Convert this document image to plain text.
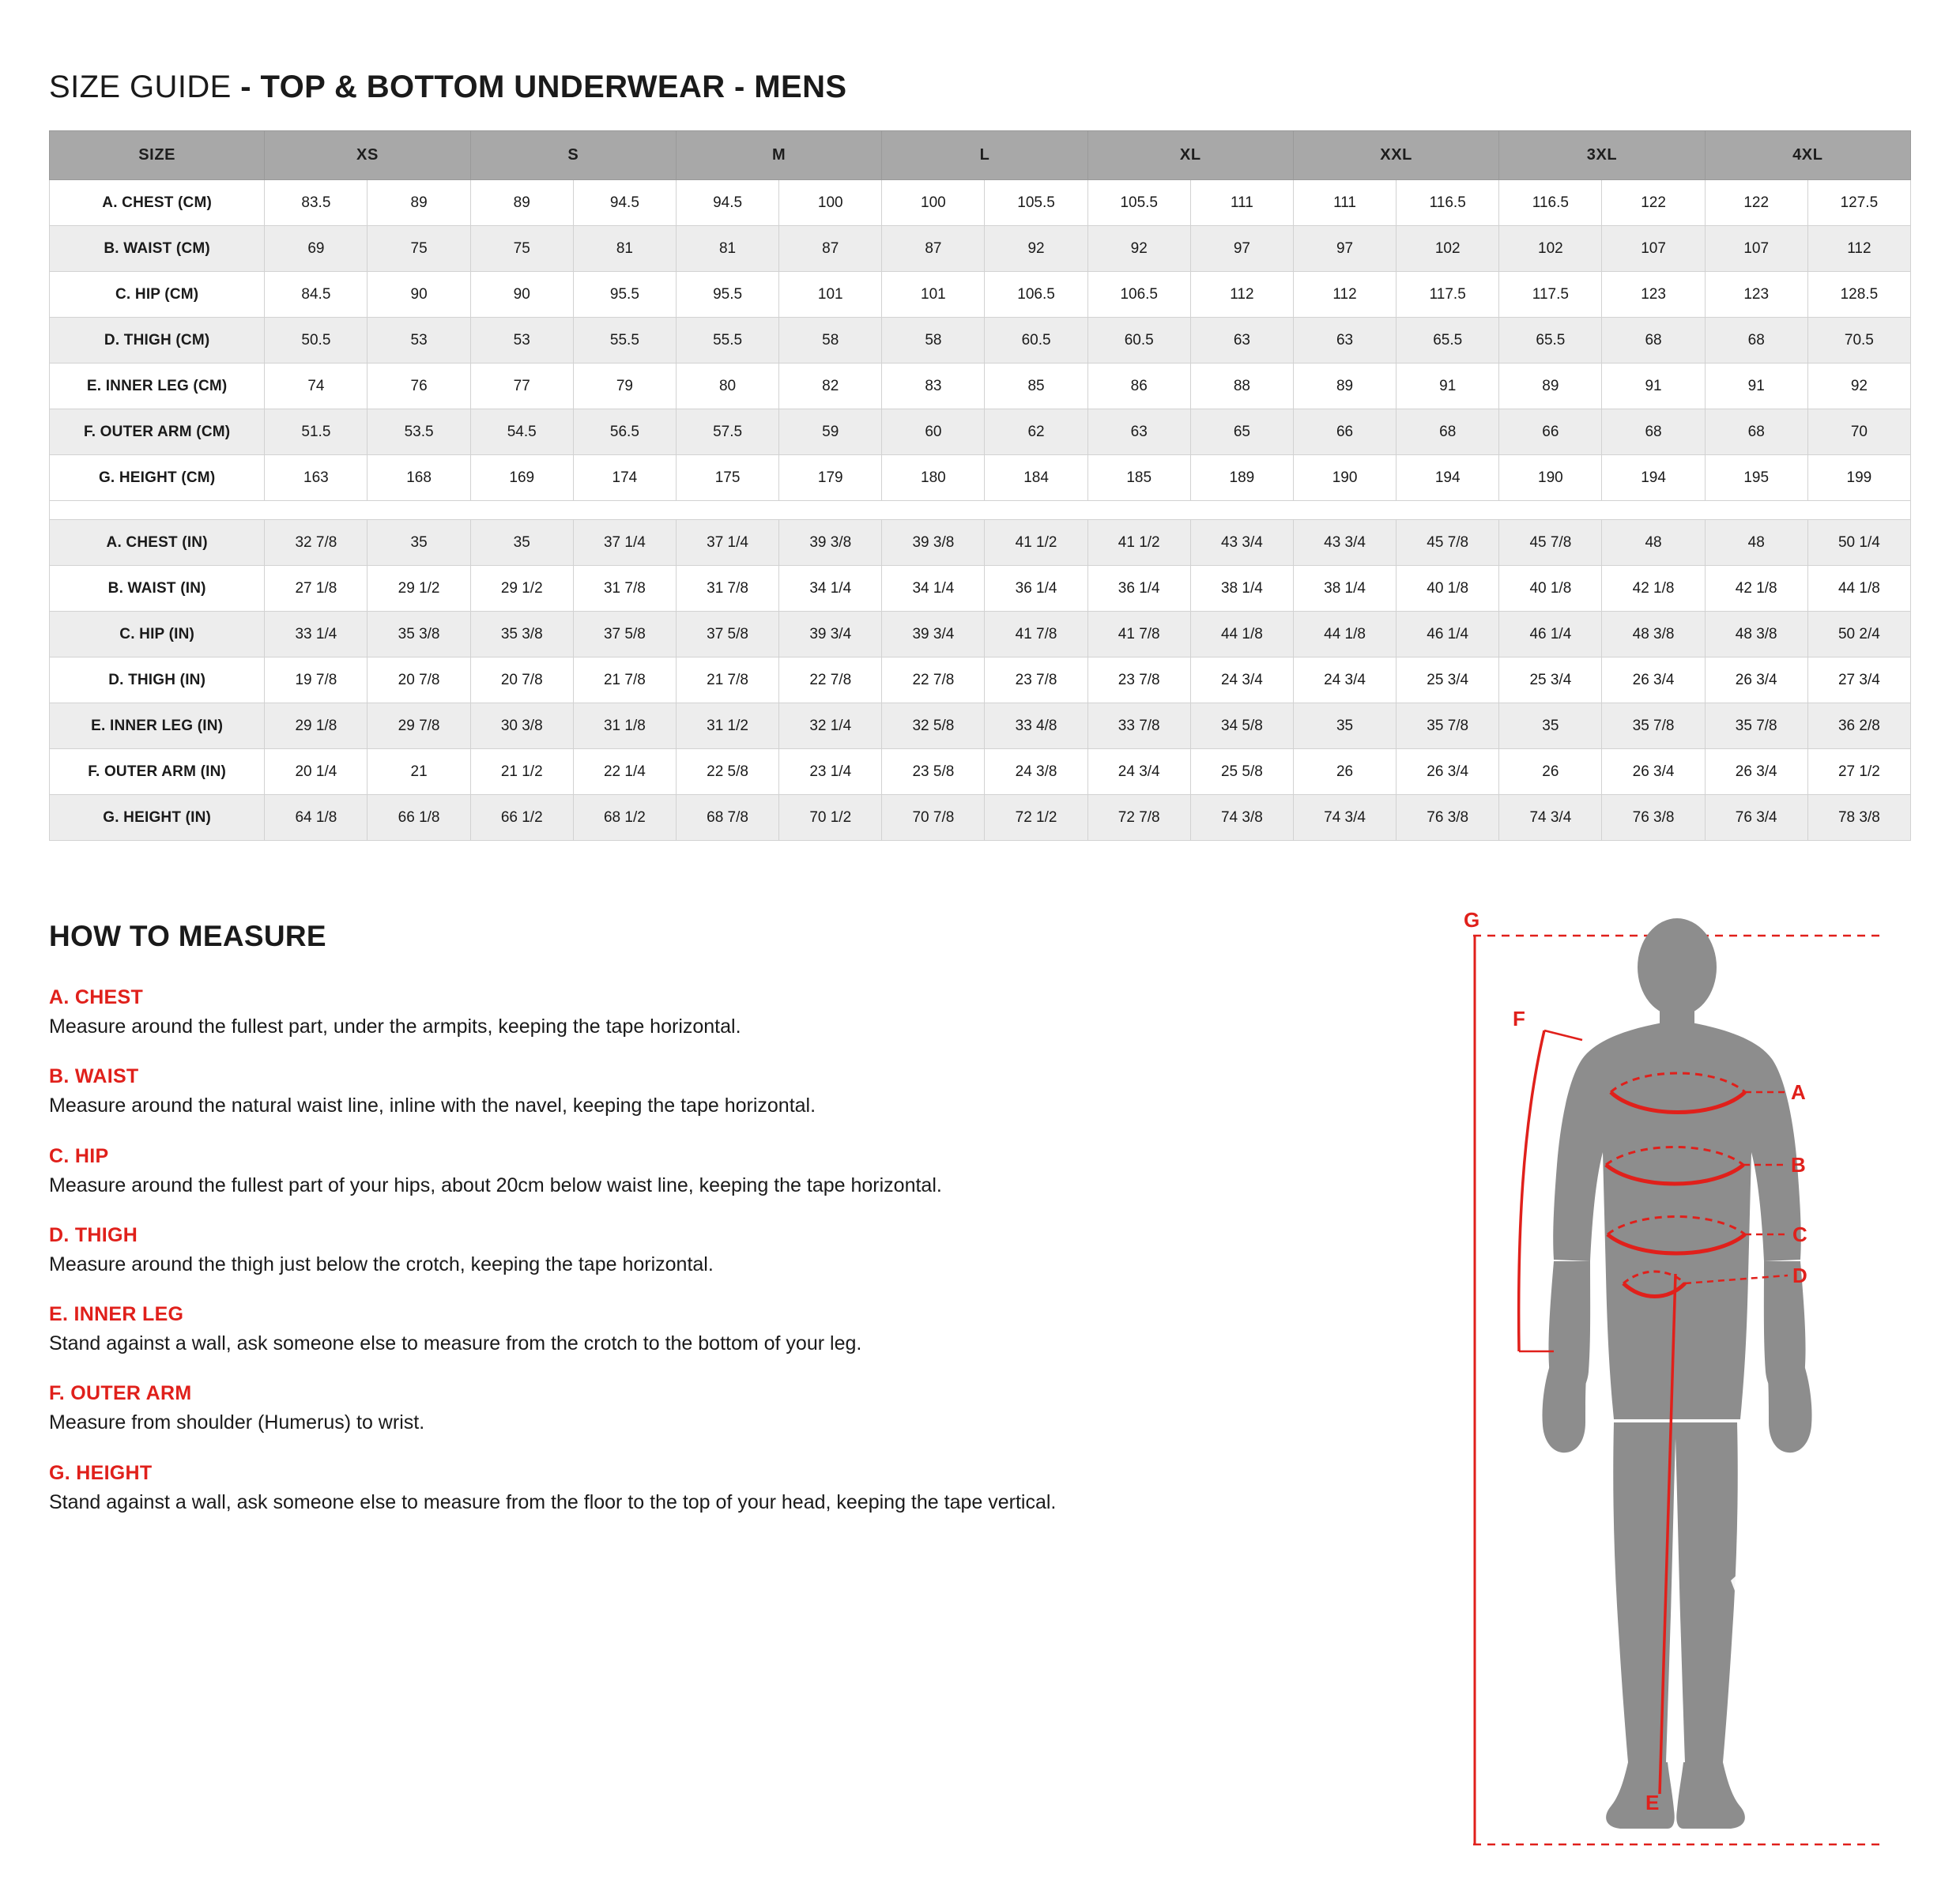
SIZE GUIDE - TOP & BOTTOM UNDERWEAR - MENS
SIZE	XS		S		M		L		XL		XXL		3XL		4XL	
A. CHEST (CM)	83.5	89	89	94.5	94.5	100	100	105.5	105.5	111	111	116.5	116.5	122	122	127.5
B. WAIST (CM)	69	75	75	81	81	87	87	92	92	97	97	102	102	107	107	112
C. HIP (CM)	84.5	90	90	95.5	95.5	101	101	106.5	106.5	112	112	117.5	117.5	123	123	128.5
D. THIGH (CM)	50.5	53	53	55.5	55.5	58	58	60.5	60.5	63	63	65.5	65.5	68	68	70.5
E. INNER LEG (CM)	74	76	77	79	80	82	83	85	86	88	89	91	89	91	91	92
F. OUTER ARM (CM)	51.5	53.5	54.5	56.5	57.5	59	60	62	63	65	66	68	66	68	68	70
G. HEIGHT (CM)	163	168	169	174	175	179	180	184	185	189	190	194	190	194	195	199

A. CHEST (IN)	32 7/8	35	35	37 1/4	37 1/4	39 3/8	39 3/8	41 1/2	41 1/2	43 3/4	43 3/4	45 7/8	45 7/8	48	48	50 1/4
B. WAIST (IN)	27 1/8	29 1/2	29 1/2	31 7/8	31 7/8	34 1/4	34 1/4	36 1/4	36 1/4	38 1/4	38 1/4	40 1/8	40 1/8	42 1/8	42 1/8	44 1/8
C. HIP (IN)	33 1/4	35 3/8	35 3/8	37 5/8	37 5/8	39 3/4	39 3/4	41 7/8	41 7/8	44 1/8	44 1/8	46 1/4	46 1/4	48 3/8	48 3/8	50 2/4
D. THIGH (IN)	19 7/8	20 7/8	20 7/8	21 7/8	21 7/8	22 7/8	22 7/8	23 7/8	23 7/8	24 3/4	24 3/4	25 3/4	25 3/4	26 3/4	26 3/4	27 3/4
E. INNER LEG (IN)	29 1/8	29 7/8	30 3/8	31 1/8	31 1/2	32 1/4	32 5/8	33 4/8	33 7/8	34 5/8	35	35 7/8	35	35 7/8	35 7/8	36 2/8
F. OUTER ARM (IN)	20 1/4	21	21 1/2	22 1/4	22 5/8	23 1/4	23 5/8	24 3/8	24 3/4	25 5/8	26	26 3/4	26	26 3/4	26 3/4	27 1/2
G. HEIGHT (IN)	64 1/8	66 1/8	66 1/2	68 1/2	68 7/8	70 1/2	70 7/8	72 1/2	72 7/8	74 3/8	74 3/4	76 3/8	74 3/4	76 3/8	76 3/4	78 3/8
HOW TO MEASURE
A. CHEST
Measure around the fullest part, under the armpits, keeping the tape horizontal.
B. WAIST
Measure around the natural waist line, inline with the navel, keeping the tape horizontal.
C. HIP
Measure around the fullest part of your hips, about 20cm below waist line, keeping the tape horizontal.
D. THIGH
Measure around the thigh just below the crotch, keeping the tape horizontal.
E. INNER LEG
Stand against a wall, ask someone else to measure from the crotch to the bottom of your leg.
F. OUTER ARM
Measure from shoulder (Humerus) to wrist.
G. HEIGHT
Stand against a wall, ask someone else to measure from the floor to the top of your head, keeping the tape vertical.
G
F
A
B
C
D
E
